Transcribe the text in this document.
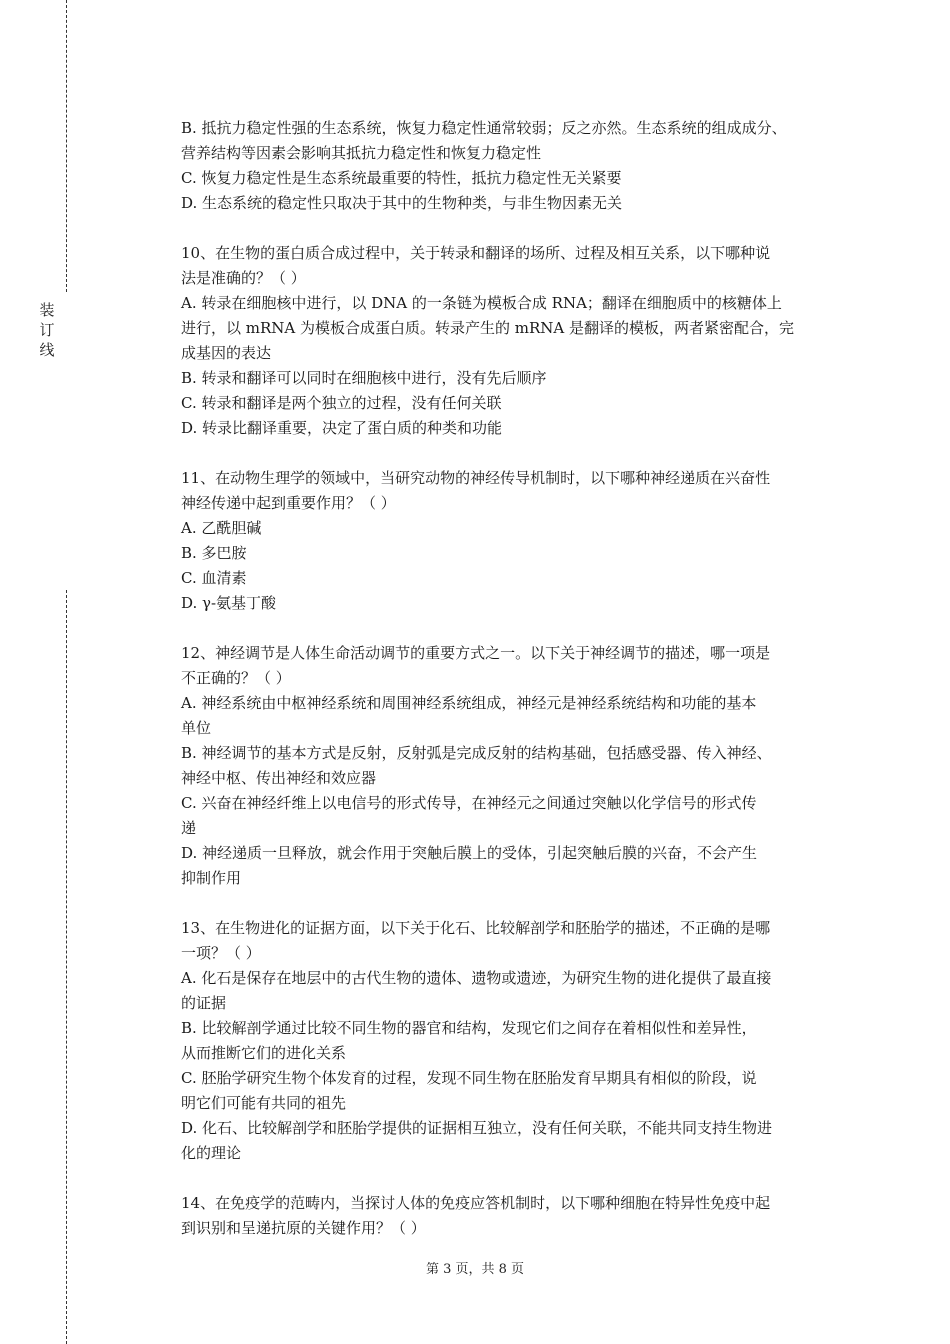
装
订
线
B. 抵抗力稳定性强的生态系统，恢复力稳定性通常较弱；反之亦然。生态系统的组成成分、
营养结构等因素会影响其抵抗力稳定性和恢复力稳定性
C. 恢复力稳定性是生态系统最重要的特性，抵抗力稳定性无关紧要
D. 生态系统的稳定性只取决于其中的生物种类，与非生物因素无关
10、在生物的蛋白质合成过程中，关于转录和翻译的场所、过程及相互关系，以下哪种说
法是准确的？（ ）
A. 转录在细胞核中进行，以 DNA 的一条链为模板合成 RNA；翻译在细胞质中的核糖体上
进行，以 mRNA 为模板合成蛋白质。转录产生的 mRNA 是翻译的模板，两者紧密配合，完
成基因的表达
B. 转录和翻译可以同时在细胞核中进行，没有先后顺序
C. 转录和翻译是两个独立的过程，没有任何关联
D. 转录比翻译重要，决定了蛋白质的种类和功能
11、在动物生理学的领域中，当研究动物的神经传导机制时，以下哪种神经递质在兴奋性
神经传递中起到重要作用？（ ）
A. 乙酰胆碱
B. 多巴胺
C. 血清素
D. γ-氨基丁酸
12、神经调节是人体生命活动调节的重要方式之一。以下关于神经调节的描述，哪一项是
不正确的？（ ）
A. 神经系统由中枢神经系统和周围神经系统组成，神经元是神经系统结构和功能的基本
单位
B. 神经调节的基本方式是反射，反射弧是完成反射的结构基础，包括感受器、传入神经、
神经中枢、传出神经和效应器
C. 兴奋在神经纤维上以电信号的形式传导，在神经元之间通过突触以化学信号的形式传
递
D. 神经递质一旦释放，就会作用于突触后膜上的受体，引起突触后膜的兴奋，不会产生
抑制作用
13、在生物进化的证据方面，以下关于化石、比较解剖学和胚胎学的描述，不正确的是哪
一项？（ ）
A. 化石是保存在地层中的古代生物的遗体、遗物或遗迹，为研究生物的进化提供了最直接
的证据
B. 比较解剖学通过比较不同生物的器官和结构，发现它们之间存在着相似性和差异性，
从而推断它们的进化关系
C. 胚胎学研究生物个体发育的过程，发现不同生物在胚胎发育早期具有相似的阶段，说
明它们可能有共同的祖先
D. 化石、比较解剖学和胚胎学提供的证据相互独立，没有任何关联，不能共同支持生物进
化的理论
14、在免疫学的范畴内，当探讨人体的免疫应答机制时，以下哪种细胞在特异性免疫中起
到识别和呈递抗原的关键作用？（ ）
第 3 页，共 8 页
